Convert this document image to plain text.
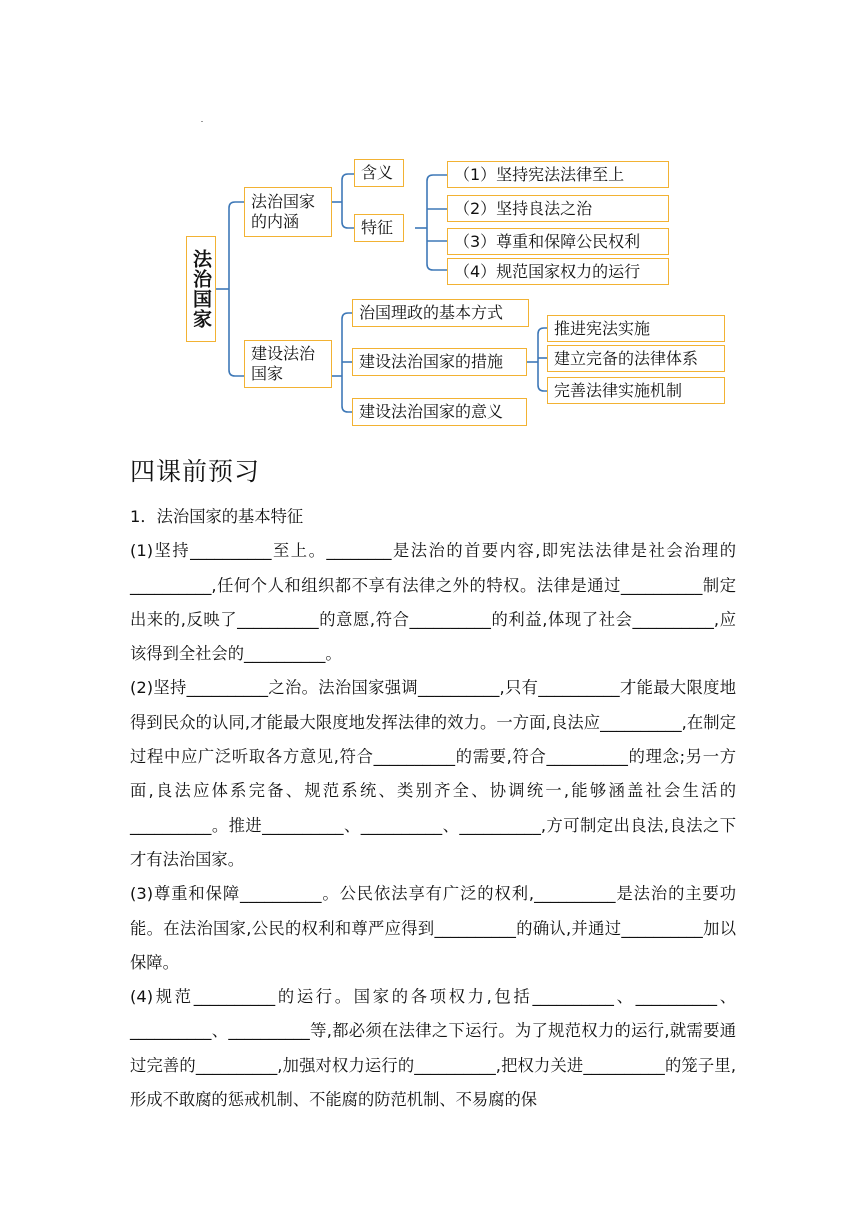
法治国家
法治国家的内涵
含义
特征
（1）坚持宪法法律至上
（2）坚持良法之治
（3）尊重和保障公民权利
（4）规范国家权力的运行
建设法治国家
治国理政的基本方式
建设法治国家的措施
建设法治国家的意义
推进宪法实施
建立完备的法律体系
完善法律实施机制
四课前预习

1．法治国家的基本特征

(1)坚持__________至上。________是法治的首要内容,即宪法法律是社会治理的__________,任何个人和组织都不享有法律之外的特权。法律是通过__________制定出来的,反映了__________的意愿,符合__________的利益,体现了社会__________,应该得到全社会的__________。

(2)坚持__________之治。法治国家强调__________,只有__________才能最大限度地得到民众的认同,才能最大限度地发挥法律的效力。一方面,良法应__________,在制定过程中应广泛听取各方意见,符合__________的需要,符合__________的理念;另一方面,良法应体系完备、规范系统、类别齐全、协调统一,能够涵盖社会生活的__________。推进__________、__________、__________,方可制定出良法,良法之下才有法治国家。

(3)尊重和保障__________。公民依法享有广泛的权利,__________是法治的主要功能。在法治国家,公民的权利和尊严应得到__________的确认,并通过__________加以保障。

(4)规范__________的运行。国家的各项权力,包括__________、__________、__________、__________等,都必须在法律之下运行。为了规范权力的运行,就需要通过完善的__________,加强对权力运行的__________,把权力关进__________的笼子里,形成不敢腐的惩戒机制、不能腐的防范机制、不易腐的保
